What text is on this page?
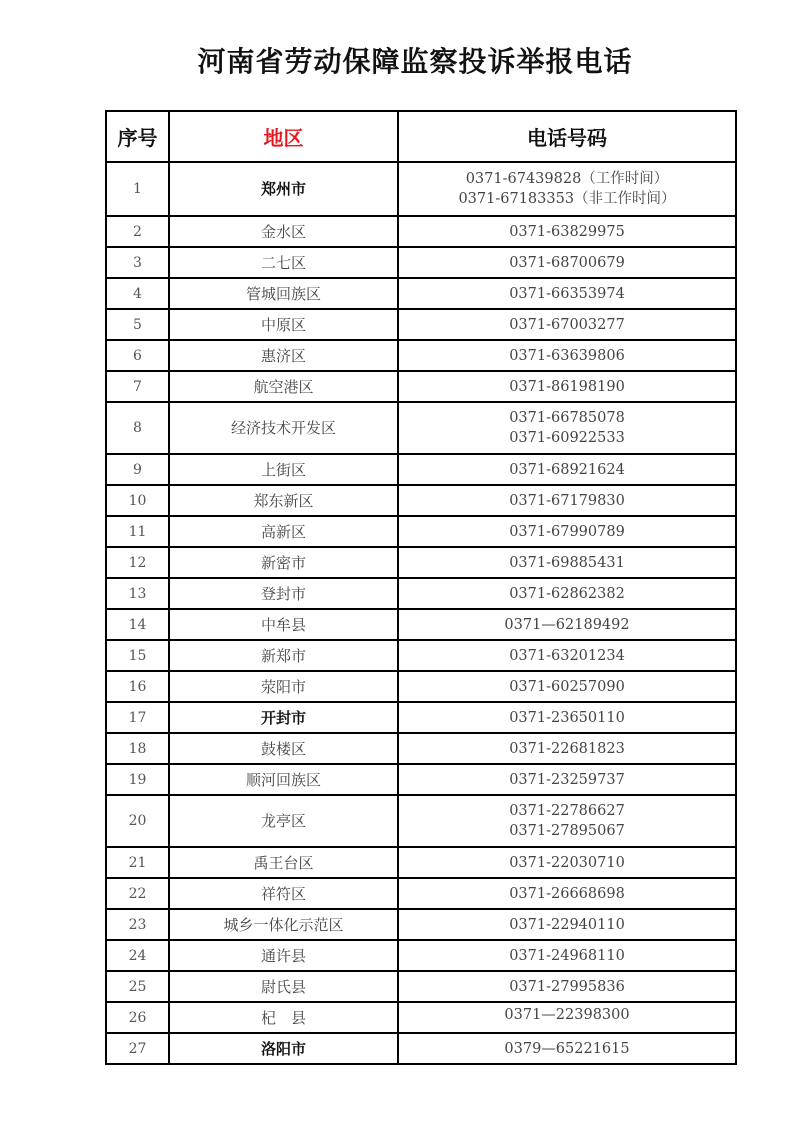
河南省劳动保障监察投诉举报电话
序号	地区	电话号码
1	郑州市	0371-67439828（工作时间）
0371-67183353（非工作时间）

2	金水区	0371-63829975

3	二七区	0371-68700679

4	管城回族区	0371-66353974

5	中原区	0371-67003277

6	惠济区	0371-63639806

7	航空港区	0371-86198190

8	经济技术开发区	0371-66785078
0371-60922533

9	上街区	0371-68921624

10	郑东新区	0371-67179830

11	高新区	0371-67990789

12	新密市	0371-69885431

13	登封市	0371-62862382

14	中牟县	0371—62189492

15	新郑市	0371-63201234

16	荥阳市	0371-60257090

17	开封市	0371-23650110

18	鼓楼区	0371-22681823

19	顺河回族区	0371-23259737

20	龙亭区	0371-22786627
0371-27895067

21	禹王台区	0371-22030710

22	祥符区	0371-26668698

23	城乡一体化示范区	0371-22940110

24	通许县	0371-24968110

25	尉氏县	0371-27995836

26	杞　县	0371—22398300

27	洛阳市	0379—65221615
